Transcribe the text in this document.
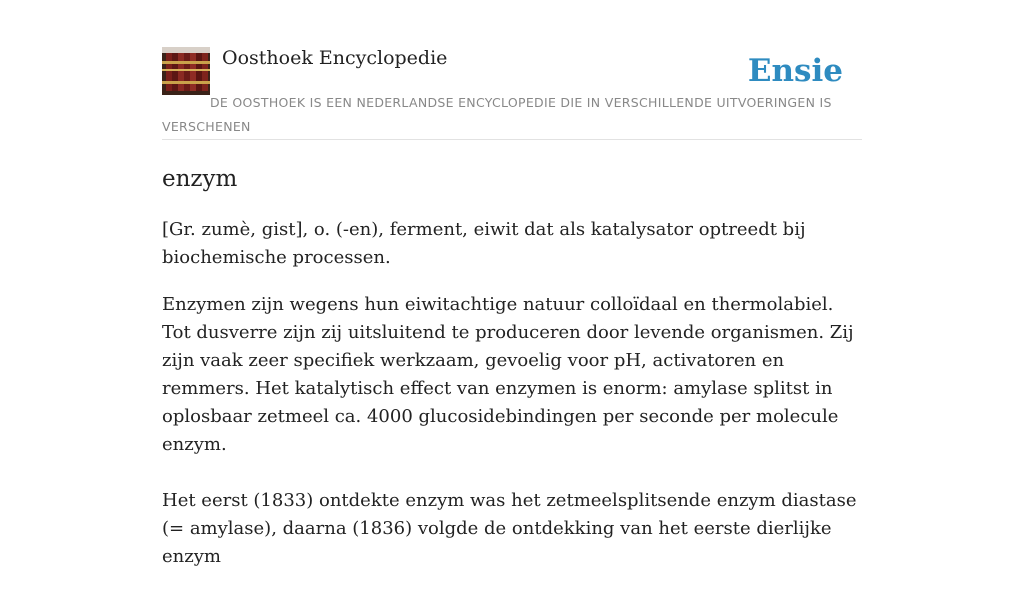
Oosthoek Encyclopedie	Ensie
DE OOSTHOEK IS EEN NEDERLANDSE ENCYCLOPEDIE DIE IN VERSCHILLENDE UITVOERINGEN IS VERSCHENEN
enzym

[Gr. zumè, gist], o. (-en), ferment, eiwit dat als katalysator optreedt bij biochemische processen.

Enzymen zijn wegens hun eiwitachtige natuur colloïdaal en thermolabiel. Tot dusverre zijn zij uitsluitend te produceren door levende organismen. Zij zijn vaak zeer specifiek werkzaam, gevoelig voor pH, activatoren en remmers. Het katalytisch effect van enzymen is enorm: amylase splitst in oplosbaar zetmeel ca. 4000 glucosidebindingen per seconde per molecule enzym.

Het eerst (1833) ontdekte enzym was het zetmeelsplitsende enzym diastase (= amylase), daarna (1836) volgde de ontdekking van het eerste dierlijke enzym
